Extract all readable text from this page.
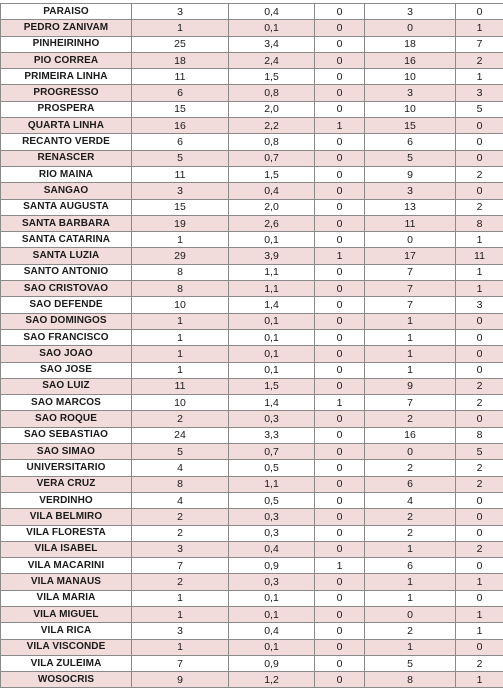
PARAISO	3	0,4	0	3	0
PEDRO ZANIVAM	1	0,1	0	0	1
PINHEIRINHO	25	3,4	0	18	7
PIO CORREA	18	2,4	0	16	2
PRIMEIRA LINHA	11	1,5	0	10	1
PROGRESSO	6	0,8	0	3	3
PROSPERA	15	2,0	0	10	5
QUARTA LINHA	16	2,2	1	15	0
RECANTO VERDE	6	0,8	0	6	0
RENASCER	5	0,7	0	5	0
RIO MAINA	11	1,5	0	9	2
SANGAO	3	0,4	0	3	0
SANTA AUGUSTA	15	2,0	0	13	2
SANTA BARBARA	19	2,6	0	11	8
SANTA CATARINA	1	0,1	0	0	1
SANTA LUZIA	29	3,9	1	17	11
SANTO ANTONIO	8	1,1	0	7	1
SAO CRISTOVAO	8	1,1	0	7	1
SAO DEFENDE	10	1,4	0	7	3
SAO DOMINGOS	1	0,1	0	1	0
SAO FRANCISCO	1	0,1	0	1	0
SAO JOAO	1	0,1	0	1	0
SAO JOSE	1	0,1	0	1	0
SAO LUIZ	11	1,5	0	9	2
SAO MARCOS	10	1,4	1	7	2
SAO ROQUE	2	0,3	0	2	0
SAO SEBASTIAO	24	3,3	0	16	8
SAO SIMAO	5	0,7	0	0	5
UNIVERSITARIO	4	0,5	0	2	2
VERA CRUZ	8	1,1	0	6	2
VERDINHO	4	0,5	0	4	0
VILA BELMIRO	2	0,3	0	2	0
VILA FLORESTA	2	0,3	0	2	0
VILA ISABEL	3	0,4	0	1	2
VILA MACARINI	7	0,9	1	6	0
VILA MANAUS	2	0,3	0	1	1
VILA MARIA	1	0,1	0	1	0
VILA MIGUEL	1	0,1	0	0	1
VILA RICA	3	0,4	0	2	1
VILA VISCONDE	1	0,1	0	1	0
VILA ZULEIMA	7	0,9	0	5	2
WOSOCRIS	9	1,2	0	8	1
